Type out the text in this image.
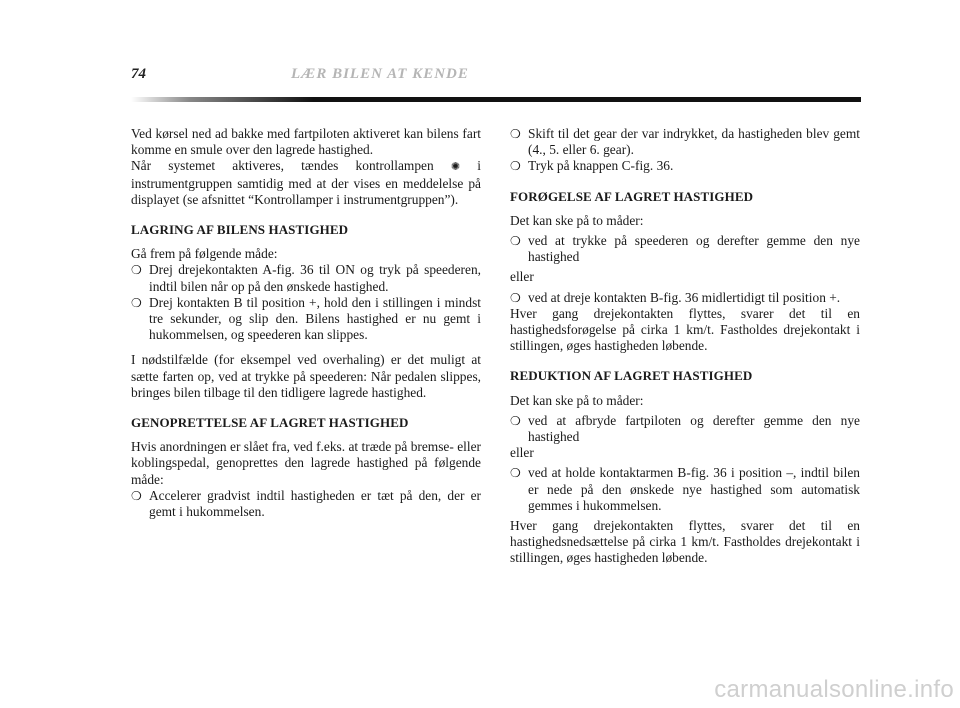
74	LÆR BILEN AT KENDE

Ved kørsel ned ad bakke med fartpiloten aktiveret kan bilens fart komme en smule over den lagrede hastighed.

Når systemet aktiveres, tændes kontrollampen ✺ i instrumentgruppen samtidig med at der vises en meddelelse på displayet (se afsnittet “Kontrollamper i instrumentgruppen”).

LAGRING AF BILENS HASTIGHED

Gå frem på følgende måde:

❍ Drej drejekontakten A-fig. 36 til ON og tryk på speederen, indtil bilen når op på den ønskede hastighed.
❍ Drej kontakten B til position +, hold den i stillingen i mindst tre sekunder, og slip den. Bilens hastighed er nu gemt i hukommelsen, og speederen kan slippes.

I nødstilfælde (for eksempel ved overhaling) er det muligt at sætte farten op, ved at trykke på speederen: Når pedalen slippes, bringes bilen tilbage til den tidligere lagrede hastighed.

GENOPRETTELSE AF LAGRET HASTIGHED

Hvis anordningen er slået fra, ved f.eks. at træde på bremse- eller koblingspedal, genoprettes den lagrede hastighed på følgende måde:

❍ Accelerer gradvist indtil hastigheden er tæt på den, der er gemt i hukommelsen.
❍ Skift til det gear der var indrykket, da hastigheden blev gemt (4., 5. eller 6. gear).
❍ Tryk på knappen C-fig. 36.
FORØGELSE AF LAGRET HASTIGHED

Det kan ske på to måder:

❍ ved at trykke på speederen og derefter gemme den nye hastighed

eller

❍ ved at dreje kontakten B-fig. 36 midlertidigt til position +.

Hver gang drejekontakten flyttes, svarer det til en hastighedsforøgelse på cirka 1 km/t. Fastholdes drejekontakt i stillingen, øges hastigheden løbende.

REDUKTION AF LAGRET HASTIGHED

Det kan ske på to måder:

❍ ved at afbryde fartpiloten og derefter gemme den nye hastighed

eller

❍ ved at holde kontaktarmen B-fig. 36 i position –, indtil bilen er nede på den ønskede nye hastighed som automatisk gemmes i hukommelsen.

Hver gang drejekontakten flyttes, svarer det til en hastighedsnedsættelse på cirka 1 km/t. Fastholdes drejekontakt i stillingen, øges hastigheden løbende.

carmanualsonline.info
